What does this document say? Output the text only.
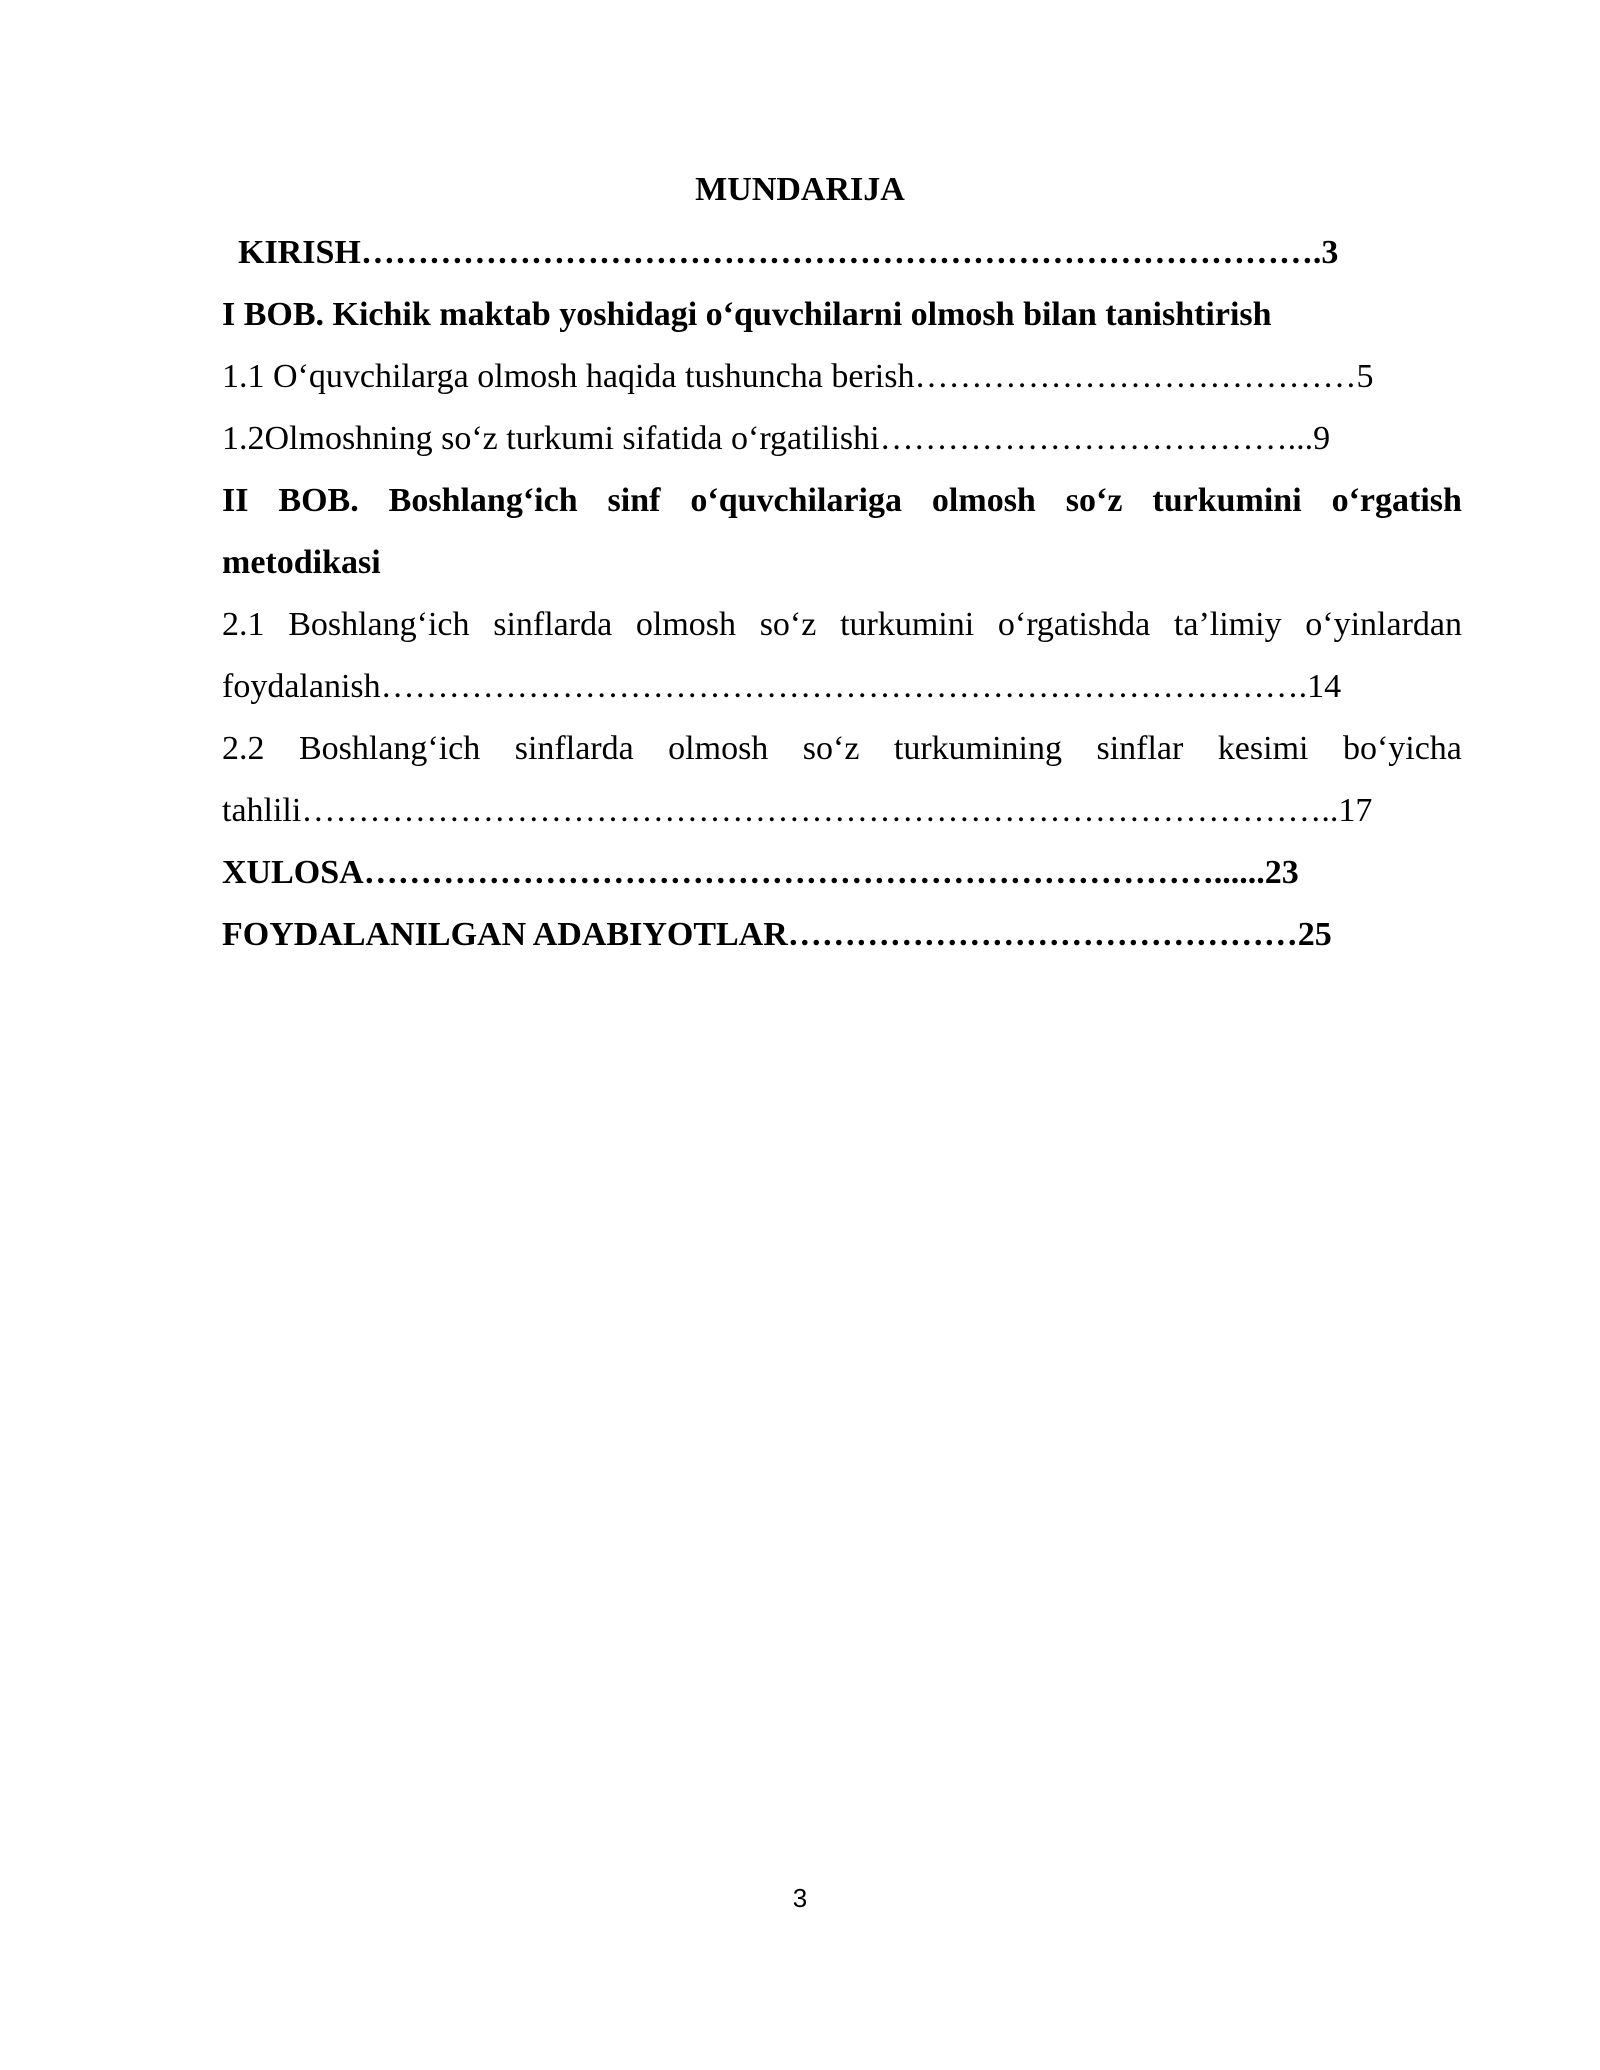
MUNDARIJA
KIRISH………………………………………………………………………….3
I BOB. Kichik maktab yoshidagi o‘quvchilarni olmosh bilan tanishtirish
1.1 O‘quvchilarga olmosh haqida tushuncha berish…………………………………5
1.2Olmoshning so‘z turkumi sifatida o‘rgatilishi………………………………...9
II BOB. Boshlang‘ich sinf o‘quvchilariga olmosh so‘z turkumini o‘rgatish
metodikasi
2.1 Boshlang‘ich sinflarda olmosh so‘z turkumini o‘rgatishda ta’limiy o‘yinlardan
foydalanish……………………………………………………………………….14
2.2 Boshlang‘ich sinflarda olmosh so‘z turkumining sinflar kesimi bo‘yicha
tahlili………………………………………………………………………………..17
XULOSA…………………………………………………………………......23
FOYDALANILGAN ADABIYOTLAR………………………………………25
3
